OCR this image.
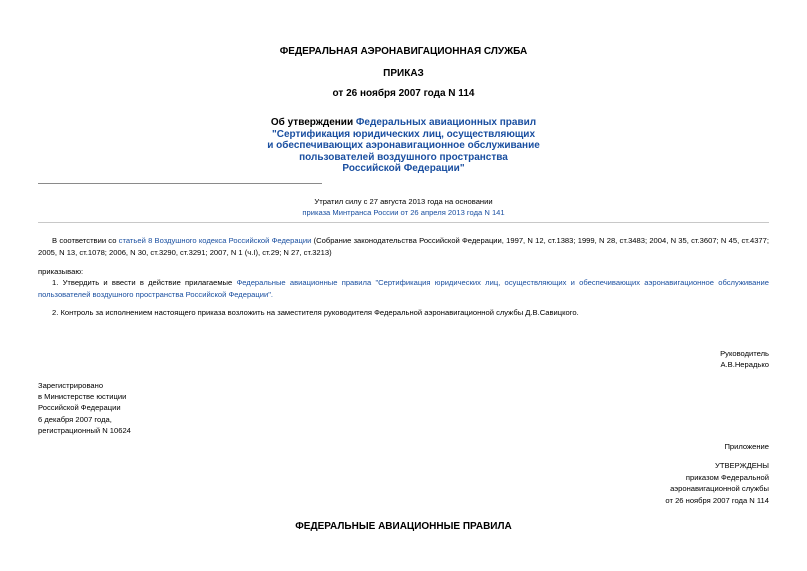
ФЕДЕРАЛЬНАЯ АЭРОНАВИГАЦИОННАЯ СЛУЖБА
ПРИКАЗ
от 26 ноября 2007 года N 114
Об утверждении Федеральных авиационных правил
"Сертификация юридических лиц, осуществляющих
и обеспечивающих аэронавигационное обслуживание
пользователей воздушного пространства
Российской Федерации"
Утратил силу с 27 августа 2013 года на основании
приказа Минтранса России от 26 апреля 2013 года N 141
В соответствии со статьей 8 Воздушного кодекса Российской Федерации (Собрание законодательства Российской Федерации, 1997, N 12, ст.1383; 1999, N 28, ст.3483; 2004, N 35, ст.3607; N 45, ст.4377; 2005, N 13, ст.1078; 2006, N 30, ст.3290, ст.3291; 2007, N 1 (ч.I), ст.29; N 27, ст.3213)
приказываю:
1. Утвердить и ввести в действие прилагаемые Федеральные авиационные правила "Сертификация юридических лиц, осуществляющих и обеспечивающих аэронавигационное обслуживание пользователей воздушного пространства Российской Федерации".
2. Контроль за исполнением настоящего приказа возложить на заместителя руководителя Федеральной аэронавигационной службы Д.В.Савицкого.
Руководитель
А.В.Нерадько
Зарегистрировано
в Министерстве юстиции
Российской Федерации
6 декабря 2007 года,
регистрационный N 10624
Приложение
УТВЕРЖДЕНЫ
приказом Федеральной
аэронавигационной службы
от 26 ноября 2007 года N 114
ФЕДЕРАЛЬНЫЕ АВИАЦИОННЫЕ ПРАВИЛА
